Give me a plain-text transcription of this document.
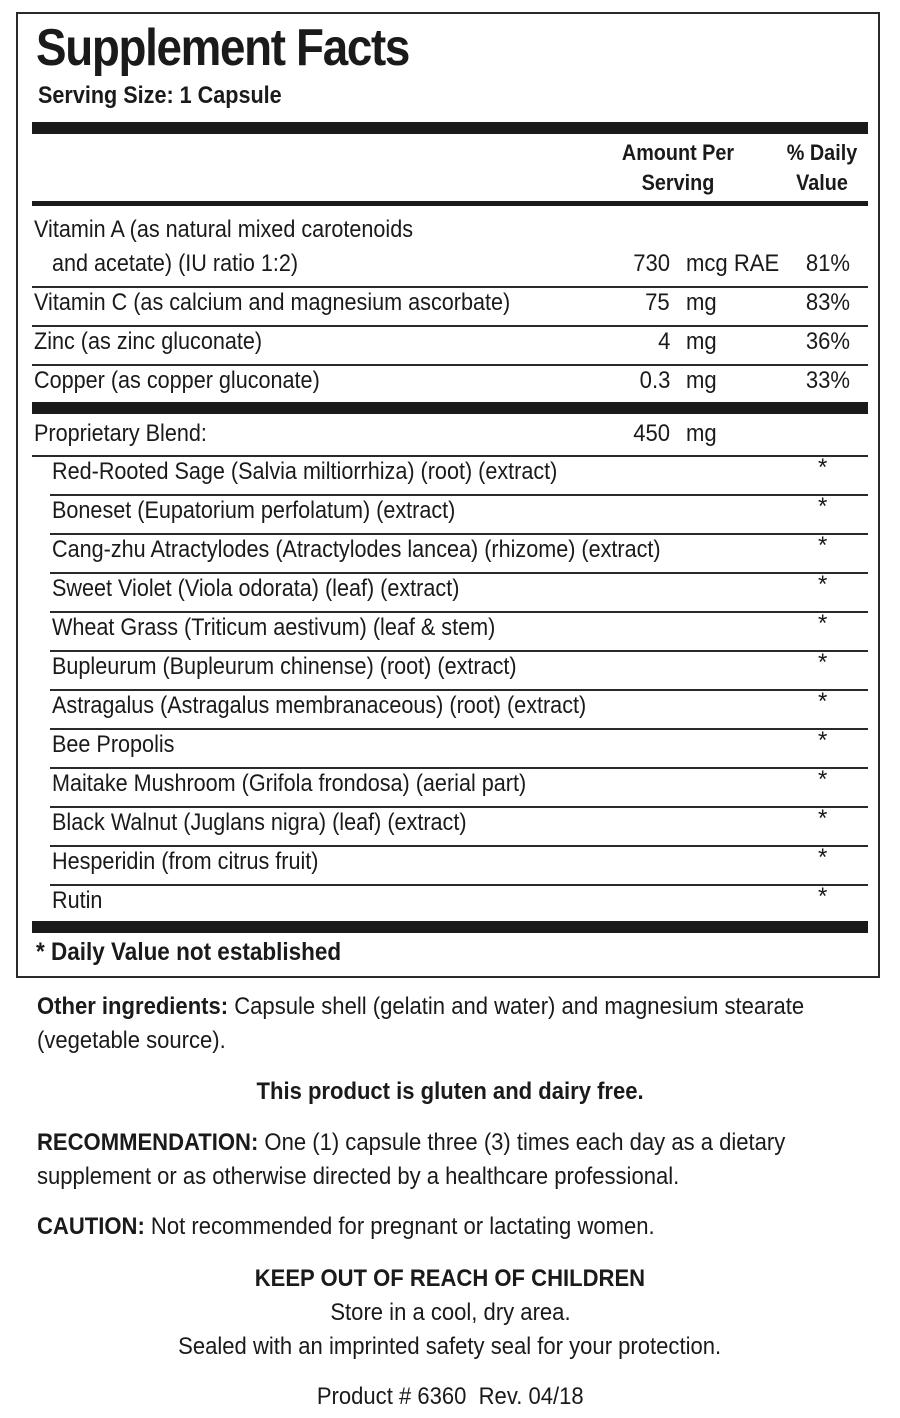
Supplement Facts
Serving Size: 1 Capsule
Amount Per
Serving
% Daily
Value
Vitamin A (as natural mixed carotenoids
and acetate) (IU ratio 1:2)	730 mcg RAE 81%
Vitamin C (as calcium and magnesium ascorbate)	75 mg	83%
Zinc (as zinc gluconate)	4 mg	36%
Copper (as copper gluconate)	0.3 mg	33%
Proprietary Blend:	450 mg
Red-Rooted Sage (Salvia miltiorrhiza) (root) (extract)	*
Boneset (Eupatorium perfolatum) (extract)	*
Cang-zhu Atractylodes (Atractylodes lancea) (rhizome) (extract)	*
Sweet Violet (Viola odorata) (leaf) (extract)	*
Wheat Grass (Triticum aestivum) (leaf & stem)	*
Bupleurum (Bupleurum chinense) (root) (extract)	*
Astragalus (Astragalus membranaceous) (root) (extract)	*
Bee Propolis	*
Maitake Mushroom (Grifola frondosa) (aerial part)	*
Black Walnut (Juglans nigra) (leaf) (extract)	*
Hesperidin (from citrus fruit)	*
Rutin	*
* Daily Value not established
Other ingredients: Capsule shell (gelatin and water) and magnesium stearate
(vegetable source).
This product is gluten and dairy free.
RECOMMENDATION: One (1) capsule three (3) times each day as a dietary
supplement or as otherwise directed by a healthcare professional.
CAUTION: Not recommended for pregnant or lactating women.
KEEP OUT OF REACH OF CHILDREN
Store in a cool, dry area.
Sealed with an imprinted safety seal for your protection.
Product # 6360  Rev. 04/18
